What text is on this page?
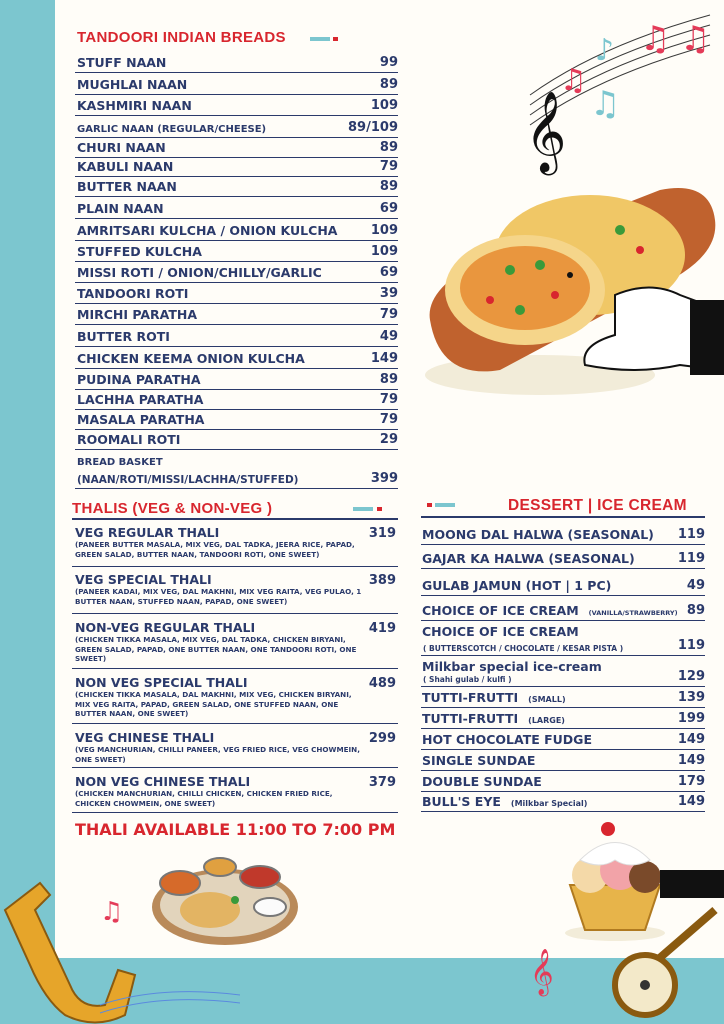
TANDOORI INDIAN BREADS
THALIS (VEG & NON-VEG )	DESSERT | ICE CREAM
STUFF NAAN	99
MUGHLAI NAAN	89
KASHMIRI NAAN	109
GARLIC NAAN (REGULAR/CHEESE)	89/109
CHURI NAAN	89
KABULI NAAN	79
BUTTER NAAN	89
PLAIN NAAN	69
AMRITSARI KULCHA / ONION KULCHA	109
STUFFED KULCHA	109
MISSI ROTI / ONION/CHILLY/GARLIC	69
TANDOORI ROTI	39
MIRCHI PARATHA	79
BUTTER ROTI	49
CHICKEN KEEMA ONION KULCHA	149
PUDINA PARATHA	89
LACHHA PARATHA	79
MASALA PARATHA	79
ROOMALI ROTI	29
BREAD BASKET
(NAAN/ROTI/MISSI/LACHHA/STUFFED)	399
VEG REGULAR THALI	319
(PANEER BUTTER MASALA, MIX VEG, DAL TADKA, JEERA RICE, PAPAD, GREEN SALAD, BUTTER NAAN, TANDOORI ROTI, ONE SWEET)
VEG SPECIAL THALI	389
(PANEER KADAI, MIX VEG, DAL MAKHNI, MIX VEG RAITA, VEG PULAO, 1 BUTTER NAAN, STUFFED NAAN, PAPAD, ONE SWEET)
NON-VEG REGULAR THALI	419
(CHICKEN TIKKA MASALA, MIX VEG, DAL TADKA, CHICKEN BIRYANI, GREEN SALAD, PAPAD, ONE BUTTER NAAN, ONE TANDOORI ROTI, ONE SWEET)
NON VEG SPECIAL THALI	489
(CHICKEN TIKKA MASALA, DAL MAKHNI, MIX VEG, CHICKEN BIRYANI, MIX VEG RAITA, PAPAD, GREEN SALAD, ONE STUFFED NAAN, ONE BUTTER NAAN, ONE SWEET)
VEG CHINESE THALI	299
(VEG MANCHURIAN, CHILLI PANEER, VEG FRIED RICE, VEG CHOWMEIN, ONE SWEET)
NON VEG CHINESE THALI	379
(CHICKEN MANCHURIAN, CHILLI CHICKEN, CHICKEN FRIED RICE, CHICKEN CHOWMEIN, ONE SWEET)
MOONG DAL HALWA (SEASONAL) 119
GAJAR KA HALWA (SEASONAL)	119
GULAB JAMUN (HOT | 1 PC)	49
CHOICE OF ICE CREAM (VANILLA/STRAWBERRY) 89
CHOICE OF ICE CREAM
( BUTTERSCOTCH / CHOCOLATE / KESAR PISTA )	119
Milkbar special ice-cream
( Shahi gulab / kulfi )	129
TUTTI-FRUTTI (SMALL)	139
TUTTI-FRUTTI (LARGE)	199
HOT CHOCOLATE FUDGE	149
SINGLE SUNDAE	149
DOUBLE SUNDAE	179
BULL'S EYE (Milkbar Special)	149
THALI AVAILABLE 11:00 TO 7:00 PM
𝄞
♫
♫
♪ ♫ ♫
♫
𝄞
♫
